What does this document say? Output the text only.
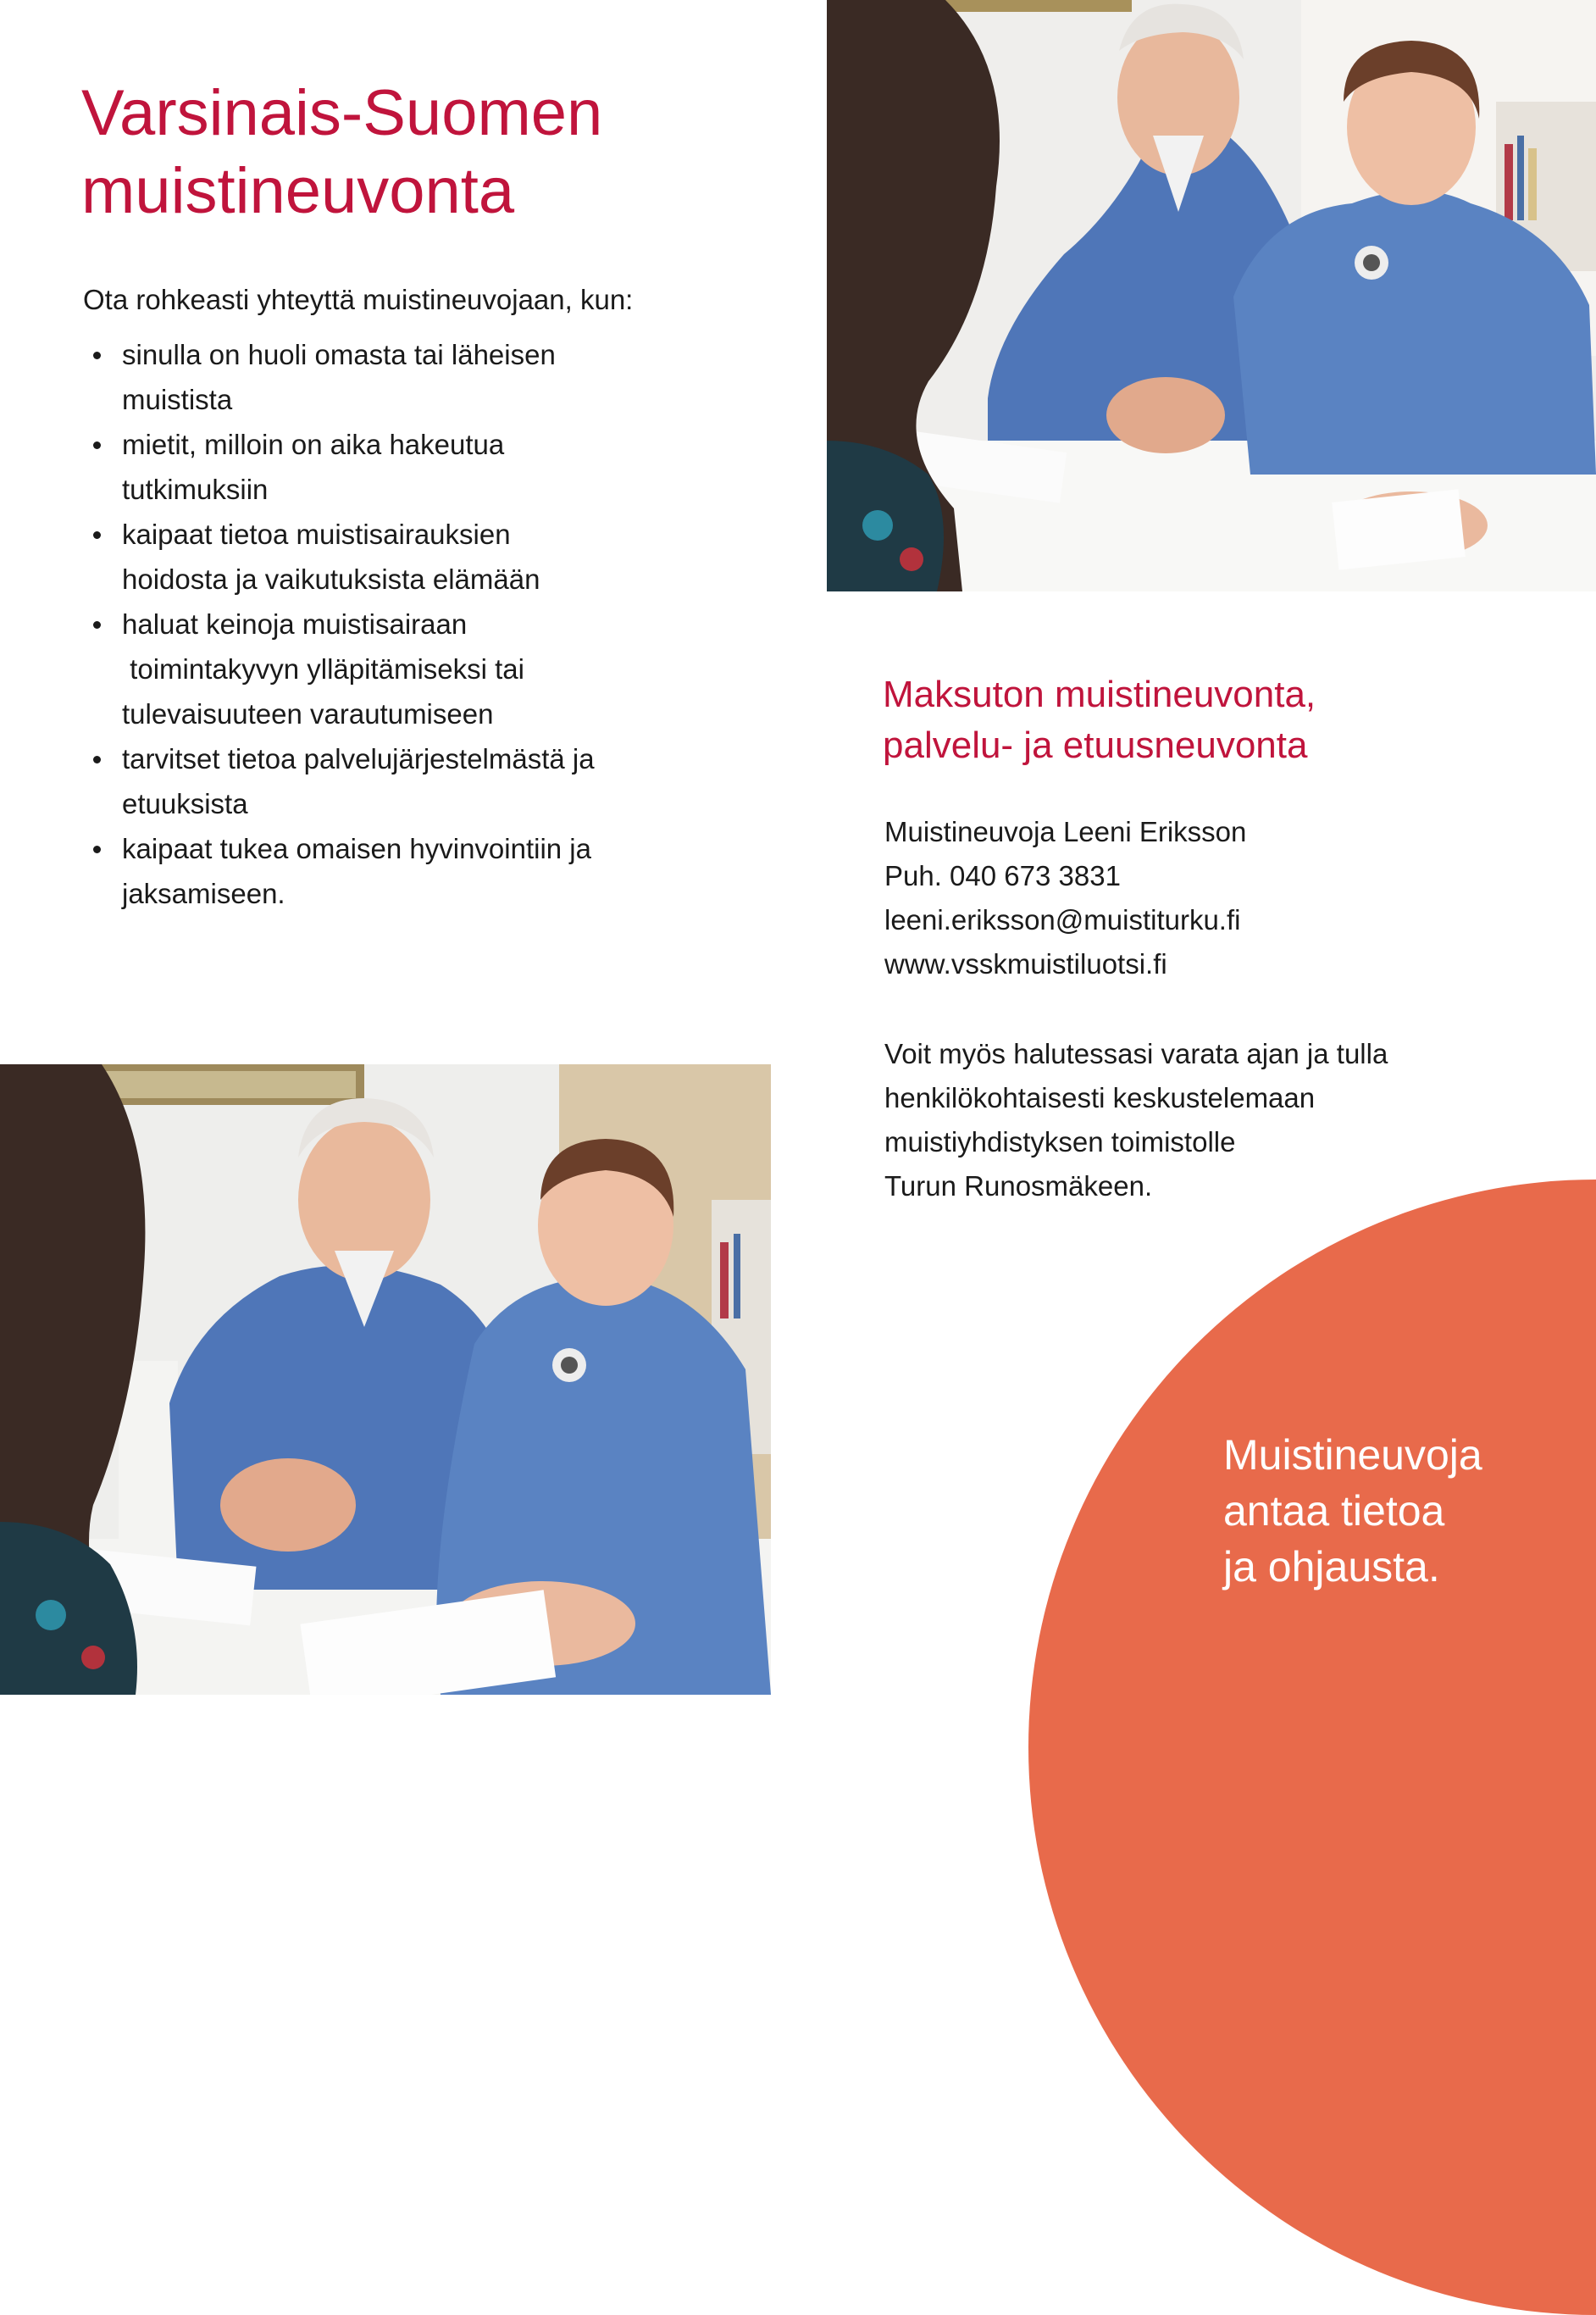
Varsinais-Suomen
muistineuvonta

Ota rohkeasti yhteyttä muistineuvojaan, kun:

sinulla on huoli omasta tai läheisen
muistista
mietit, milloin on aika hakeutua
tutkimuksiin
kaipaat tietoa muistisairauksien
hoidosta ja vaikutuksista elämään
haluat keinoja muistisairaan
toimintakyvyn ylläpitämiseksi tai
tulevaisuuteen varautumiseen
tarvitset tietoa palvelujärjestelmästä ja
etuuksista
kaipaat tukea omaisen hyvinvointiin ja
jaksamiseen.
Maksuton muistineuvonta,
palvelu- ja etuusneuvonta
Muistineuvoja Leeni Eriksson
Puh. 040 673 3831
leeni.eriksson@muistiturku.fi
www.vsskmuistiluotsi.fi
Voit myös halutessasi varata ajan ja tulla
henkilökohtaisesti keskustelemaan
muistiyhdistyksen toimistolle
Turun Runosmäkeen.
Muistineuvoja
antaa tietoa
ja ohjausta.
